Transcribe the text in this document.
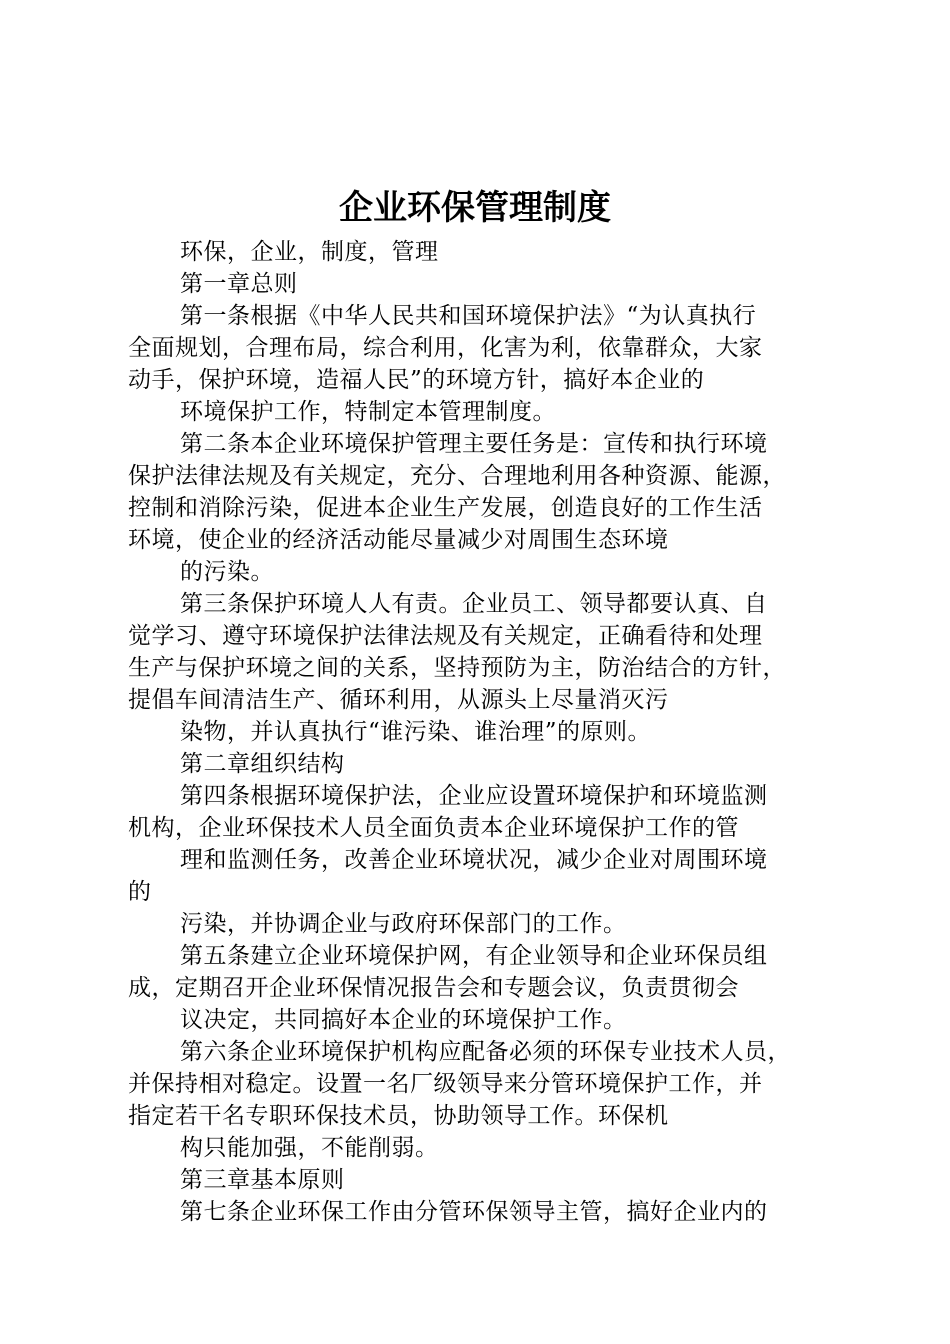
企业环保管理制度
环保，企业，制度，管理
第一章总则
第一条根据《中华人民共和国环境保护法》“为认真执行
全面规划，合理布局，综合利用，化害为利，依靠群众，大家
动手，保护环境，造福人民”的环境方针，搞好本企业的
环境保护工作，特制定本管理制度。
第二条本企业环境保护管理主要任务是：宣传和执行环境
保护法律法规及有关规定，充分、合理地利用各种资源、能源，
控制和消除污染，促进本企业生产发展，创造良好的工作生活
环境，使企业的经济活动能尽量减少对周围生态环境
的污染。
第三条保护环境人人有责。企业员工、领导都要认真、自
觉学习、遵守环境保护法律法规及有关规定，正确看待和处理
生产与保护环境之间的关系，坚持预防为主，防治结合的方针，
提倡车间清洁生产、循环利用，从源头上尽量消灭污
染物，并认真执行“谁污染、谁治理”的原则。
第二章组织结构
第四条根据环境保护法，企业应设置环境保护和环境监测
机构，企业环保技术人员全面负责本企业环境保护工作的管
理和监测任务，改善企业环境状况，减少企业对周围环境
的
污染，并协调企业与政府环保部门的工作。
第五条建立企业环境保护网，有企业领导和企业环保员组
成，定期召开企业环保情况报告会和专题会议，负责贯彻会
议决定，共同搞好本企业的环境保护工作。
第六条企业环境保护机构应配备必须的环保专业技术人员，
并保持相对稳定。设置一名厂级领导来分管环境保护工作，并
指定若干名专职环保技术员，协助领导工作。环保机
构只能加强，不能削弱。
第三章基本原则
第七条企业环保工作由分管环保领导主管，搞好企业内的
